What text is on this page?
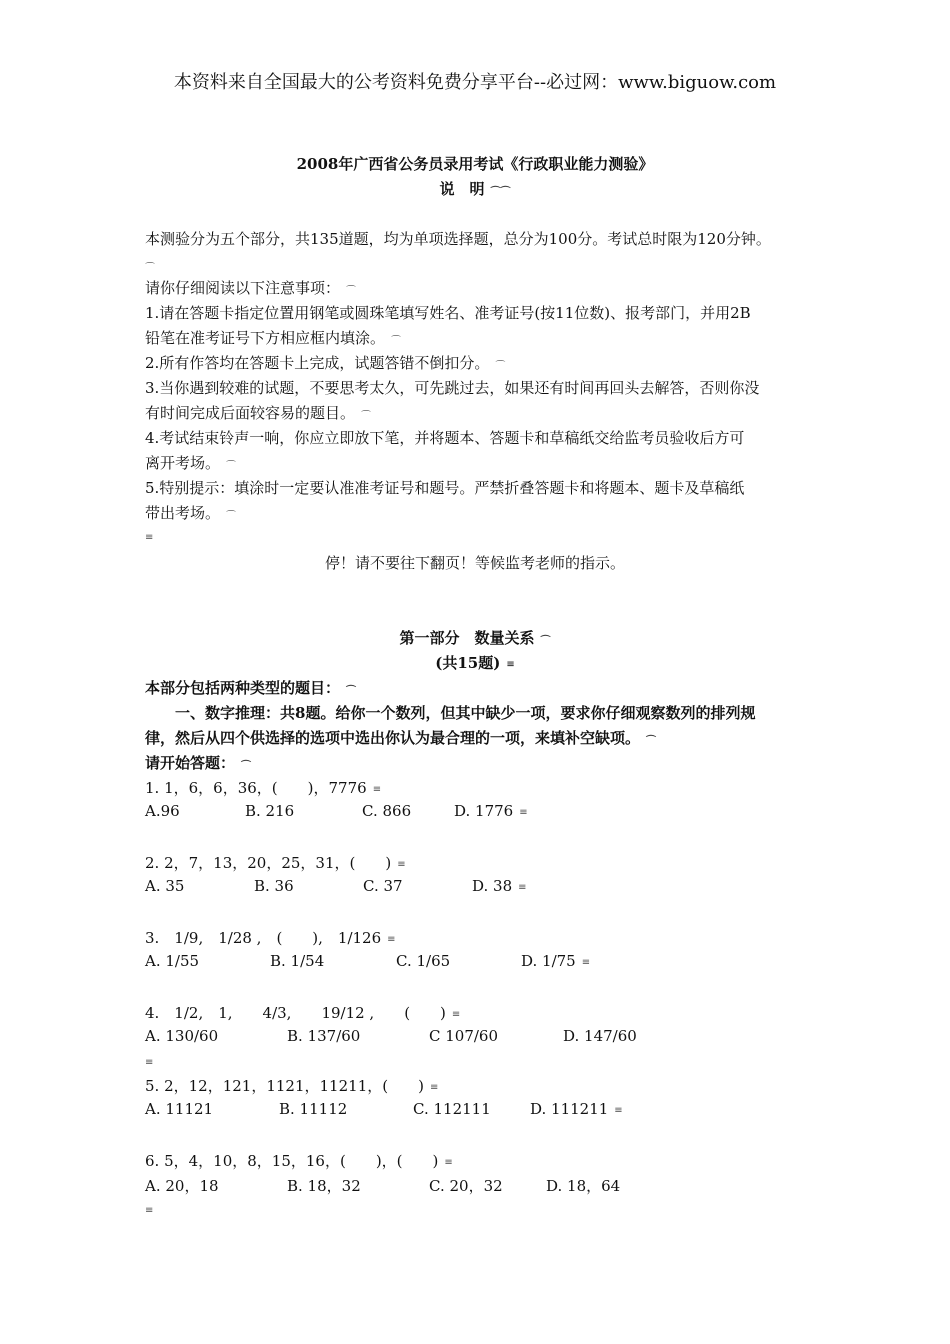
本资料来自全国最大的公考资料免费分享平台--必过网：www.biguow.com
2008年广西省公务员录用考试《行政职业能力测验》
说　明 ⌒⌒
本测验分为五个部分，共135道题，均为单项选择题，总分为100分。考试总时限为120分钟。
⌒
请你仔细阅读以下注意事项： ⌒
1.请在答题卡指定位置用钢笔或圆珠笔填写姓名、准考证号(按11位数)、报考部门，并用2B
铅笔在准考证号下方相应框内填涂。 ⌒
2.所有作答均在答题卡上完成，试题答错不倒扣分。 ⌒
3.当你遇到较难的试题，不要思考太久，可先跳过去，如果还有时间再回头去解答，否则你没
有时间完成后面较容易的题目。 ⌒
4.考试结束铃声一响，你应立即放下笔，并将题本、答题卡和草稿纸交给监考员验收后方可
离开考场。 ⌒
5.特别提示：填涂时一定要认准准考证号和题号。严禁折叠答题卡和将题本、题卡及草稿纸
带出考场。 ⌒
≡
停！请不要往下翻页！等候监考老师的指示。
第一部分　数量关系 ⌒
(共15题) ≡
本部分包括两种类型的题目： ⌒
一、数字推理：共8题。给你一个数列，但其中缺少一项，要求你仔细观察数列的排列规
律，然后从四个供选择的选项中选出你认为最合理的一项，来填补空缺项。 ⌒
请开始答题： ⌒
1. 1，6，6，36，(　　)，7776 ≡
A.96	B. 216	C. 866	D. 1776 ≡
2. 2，7，13，20，25，31，(　　) ≡
A. 35	B. 36	C. 37	D. 38 ≡
3.　1/9,　1/28 ,　(　　),　1/126 ≡
A. 1/55	B. 1/54	C. 1/65	D. 1/75 ≡
4.　1/2,　1,　　4/3,　　19/12 ,　　(　　) ≡
A. 130/60	B. 137/60	C 107/60	D. 147/60
≡
5. 2，12，121，1121，11211，(　　) ≡
A. 11121	B. 11112	C. 112111	D. 111211 ≡
6. 5，4，10，8，15，16，(　　)，(　　) ≡
A. 20，18	B. 18，32	C. 20，32	D. 18，64
≡
